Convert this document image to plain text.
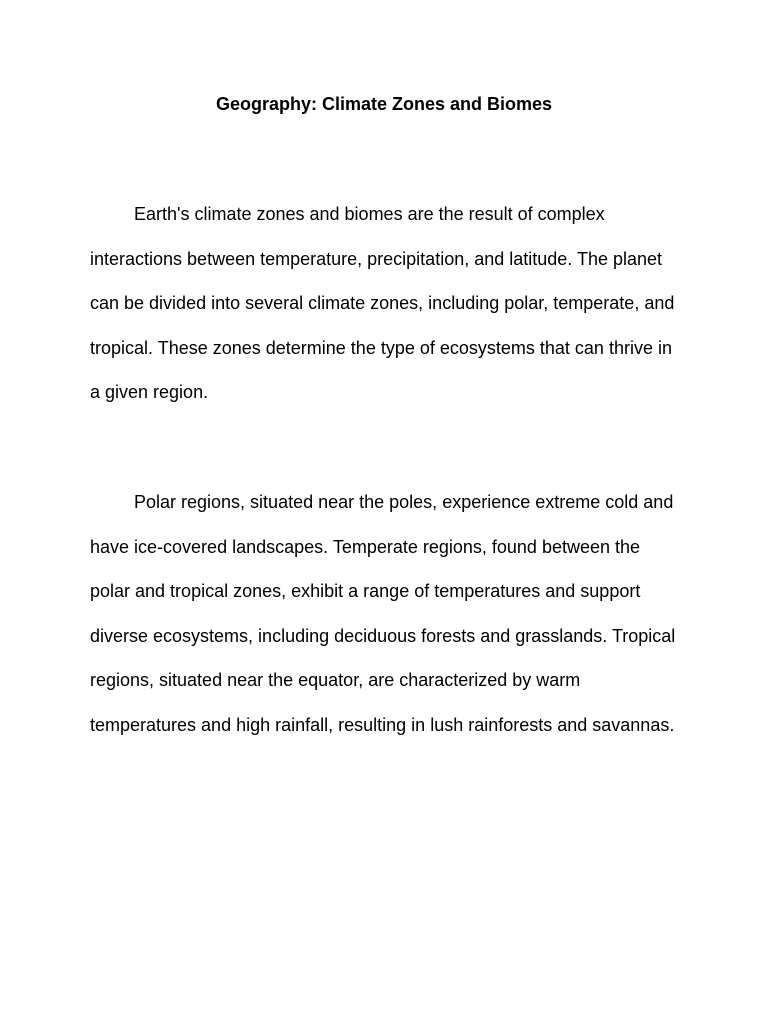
Geography: Climate Zones and Biomes

Earth's climate zones and biomes are the result of complex interactions between temperature, precipitation, and latitude. The planet can be divided into several climate zones, including polar, temperate, and tropical. These zones determine the type of ecosystems that can thrive in a given region.

Polar regions, situated near the poles, experience extreme cold and have ice-covered landscapes. Temperate regions, found between the polar and tropical zones, exhibit a range of temperatures and support diverse ecosystems, including deciduous forests and grasslands. Tropical regions, situated near the equator, are characterized by warm temperatures and high rainfall, resulting in lush rainforests and savannas.
